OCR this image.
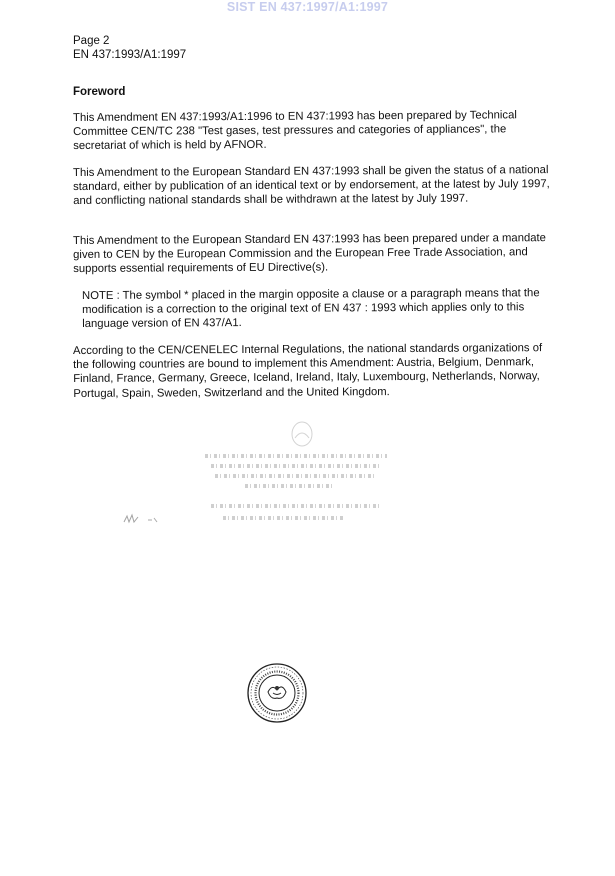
SIST EN 437:1997/A1:1997
Page 2
EN 437:1993/A1:1997
Foreword

This Amendment EN 437:1993/A1:1996 to EN 437:1993 has been prepared by Technical Committee CEN/TC 238 "Test gases, test pressures and categories of appliances", the secretariat of which is held by AFNOR.

This Amendment to the European Standard EN 437:1993 shall be given the status of a national standard, either by publication of an identical text or by endorsement, at the latest by July 1997, and conflicting national standards shall be withdrawn at the latest by July 1997.

This Amendment to the European Standard EN 437:1993 has been prepared under a mandate given to CEN by the European Commission and the European Free Trade Association, and supports essential requirements of EU Directive(s).

NOTE : The symbol * placed in the margin opposite a clause or a paragraph means that the modification is a correction to the original text of EN 437 : 1993 which applies only to this language version of EN 437/A1.

According to the CEN/CENELEC Internal Regulations, the national standards organizations of the following countries are bound to implement this Amendment: Austria, Belgium, Denmark, Finland, France, Germany, Greece, Iceland, Ireland, Italy, Luxembourg, Netherlands, Norway, Portugal, Spain, Sweden, Switzerland and the United Kingdom.
